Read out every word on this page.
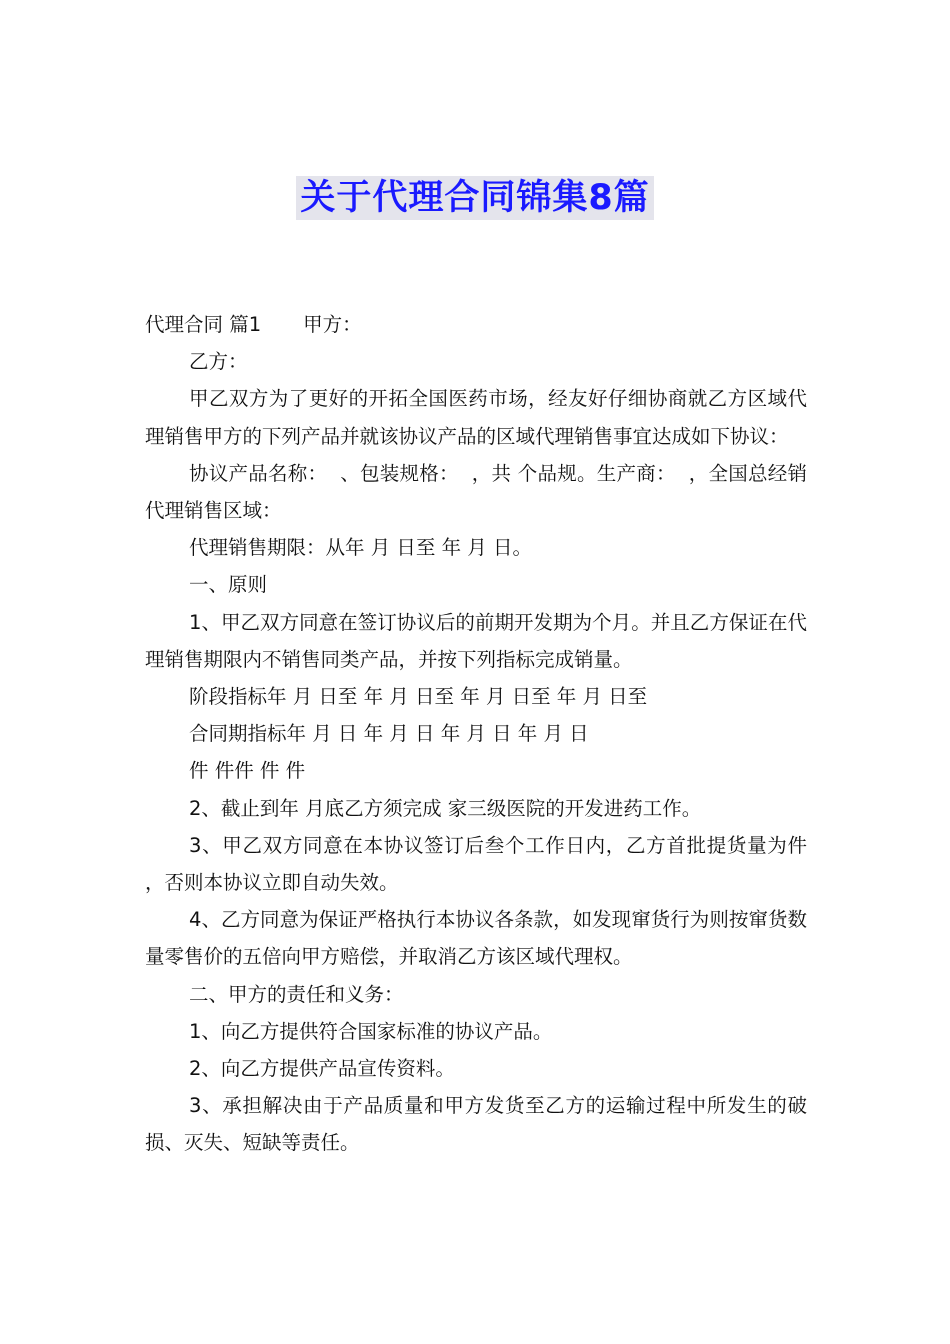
关于代理合同锦集8篇

代理合同 篇1 甲方：

乙方：

甲乙双方为了更好的开拓全国医药市场，经友好仔细协商就乙方区域代理销售甲方的下列产品并就该协议产品的区域代理销售事宜达成如下协议：

协议产品名称：  、包装规格：  ，共 个品规。生产商：  ，全国总经销代理销售区域：

代理销售期限：从年 月 日至 年 月 日。

一、原则

1、甲乙双方同意在签订协议后的前期开发期为个月。并且乙方保证在代理销售期限内不销售同类产品，并按下列指标完成销量。

阶段指标年 月 日至 年 月 日至 年 月 日至 年 月 日至

合同期指标年 月 日 年 月 日 年 月 日 年 月 日

件 件件 件 件

2、截止到年 月底乙方须完成 家三级医院的开发进药工作。

3、甲乙双方同意在本协议签订后叁个工作日内，乙方首批提货量为件 ，否则本协议立即自动失效。

4、乙方同意为保证严格执行本协议各条款，如发现窜货行为则按窜货数量零售价的五倍向甲方赔偿，并取消乙方该区域代理权。

二、甲方的责任和义务：

1、向乙方提供符合国家标准的协议产品。

2、向乙方提供产品宣传资料。

3、承担解决由于产品质量和甲方发货至乙方的运输过程中所发生的破损、灭失、短缺等责任。
